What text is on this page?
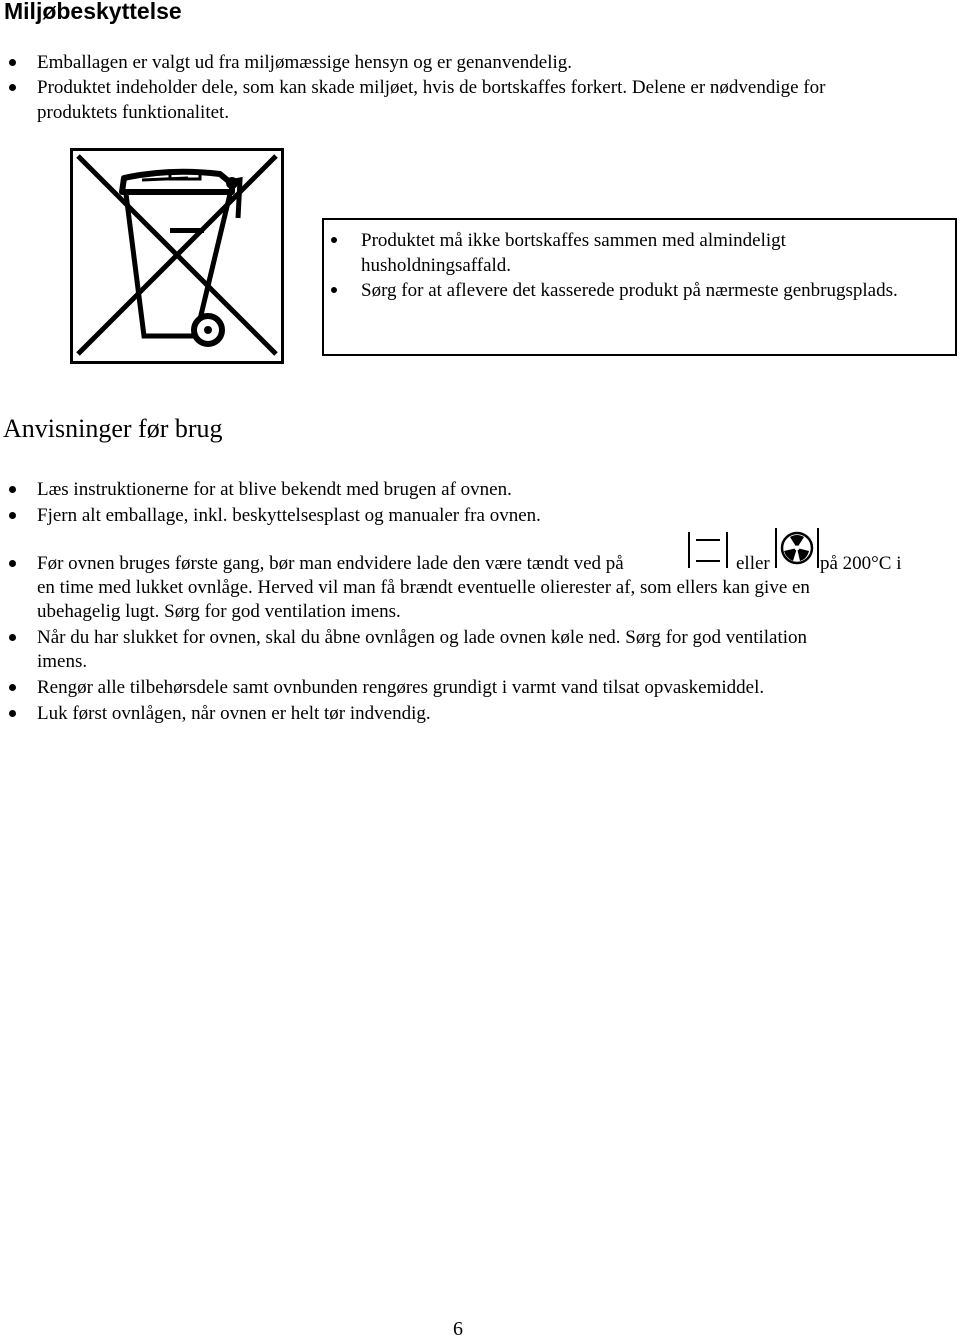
Miljøbeskyttelse
Emballagen er valgt ud fra miljømæssige hensyn og er genanvendelig.
Produktet indeholder dele, som kan skade miljøet, hvis de bortskaffes forkert. Delene er nødvendige for
produktets funktionalitet.
Produktet må ikke bortskaffes sammen med almindeligt
husholdningsaffald.
Sørg for at aflevere det kasserede produkt på nærmeste genbrugsplads.
Anvisninger før brug
Læs instruktionerne for at blive bekendt med brugen af ovnen.
Fjern alt emballage, inkl. beskyttelsesplast og manualer fra ovnen.
Før ovnen bruges første gang, bør man endvidere lade den være tændt ved på	eller	på 200°C i
en time med lukket ovnlåge. Herved vil man få brændt eventuelle olierester af, som ellers kan give en
ubehagelig lugt. Sørg for god ventilation imens.
Når du har slukket for ovnen, skal du åbne ovnlågen og lade ovnen køle ned. Sørg for god ventilation
imens.
Rengør alle tilbehørsdele samt ovnbunden rengøres grundigt i varmt vand tilsat opvaskemiddel.
Luk først ovnlågen, når ovnen er helt tør indvendig.
6
